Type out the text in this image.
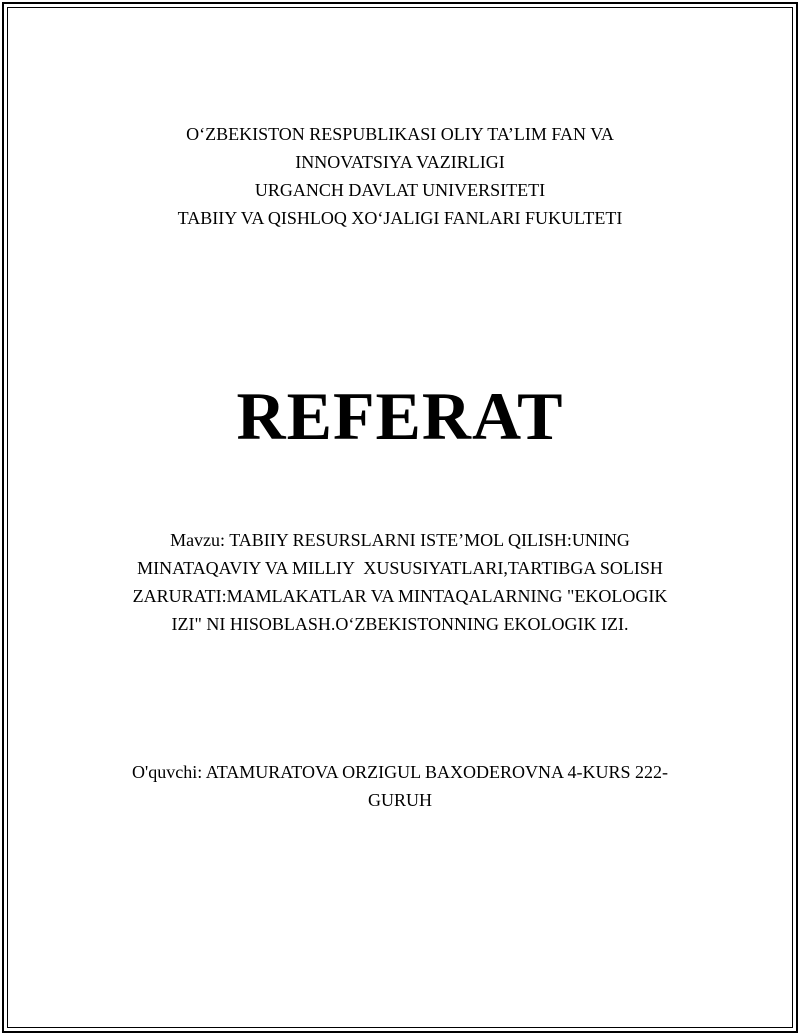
O‘ZBEKISTON RESPUBLIKASI OLIY TA’LIM FAN VA
INNOVATSIYA VAZIRLIGI
URGANCH DAVLAT UNIVERSITETI
TABIIY VA QISHLOQ XO‘JALIGI FANLARI FUKULTETI
REFERAT
Mavzu: TABIIY RESURSLARNI ISTE’MOL QILISH:UNING
MINATAQAVIY VA MILLIY  XUSUSIYATLARI,TARTIBGA SOLISH
ZARURATI:MAMLAKATLAR VA MINTAQALARNING "EKOLOGIK
IZI" NI HISOBLASH.O‘ZBEKISTONNING EKOLOGIK IZI.
O'quvchi: ATAMURATOVA ORZIGUL BAXODEROVNA 4-KURS 222-
GURUH
